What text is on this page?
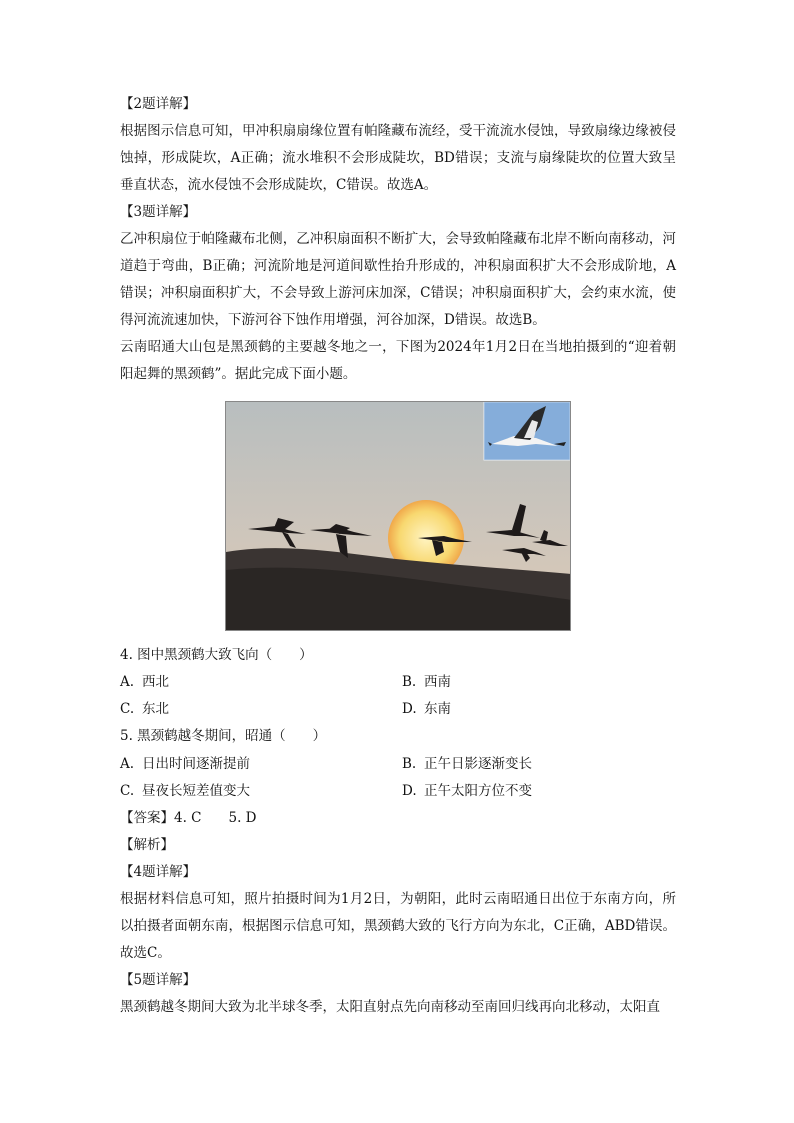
【2题详解】
根据图示信息可知，甲冲积扇扇缘位置有帕隆藏布流经，受干流流水侵蚀，导致扇缘边缘被侵蚀掉，形成陡坎，A正确；流水堆积不会形成陡坎，BD错误；支流与扇缘陡坎的位置大致呈垂直状态，流水侵蚀不会形成陡坎，C错误。故选A。
【3题详解】
乙冲积扇位于帕隆藏布北侧，乙冲积扇面积不断扩大，会导致帕隆藏布北岸不断向南移动，河道趋于弯曲，B正确；河流阶地是河道间歇性抬升形成的，冲积扇面积扩大不会形成阶地，A错误；冲积扇面积扩大，不会导致上游河床加深，C错误；冲积扇面积扩大，会约束水流，使得河流流速加快，下游河谷下蚀作用增强，河谷加深，D错误。故选B。
云南昭通大山包是黑颈鹤的主要越冬地之一，下图为2024年1月2日在当地拍摄到的“迎着朝阳起舞的黑颈鹤”。据此完成下面小题。
4. 图中黑颈鹤大致飞向（　　）
A. 西北	B. 西南
C. 东北	D. 东南
5. 黑颈鹤越冬期间，昭通（　　）
A. 日出时间逐渐提前	B. 正午日影逐渐变长
C. 昼夜长短差值变大	D. 正午太阳方位不变
【答案】4. C　　5. D
【解析】
【4题详解】
根据材料信息可知，照片拍摄时间为1月2日，为朝阳，此时云南昭通日出位于东南方向，所以拍摄者面朝东南，根据图示信息可知，黑颈鹤大致的飞行方向为东北，C正确，ABD错误。故选C。
【5题详解】
黑颈鹤越冬期间大致为北半球冬季，太阳直射点先向南移动至南回归线再向北移动，太阳直
